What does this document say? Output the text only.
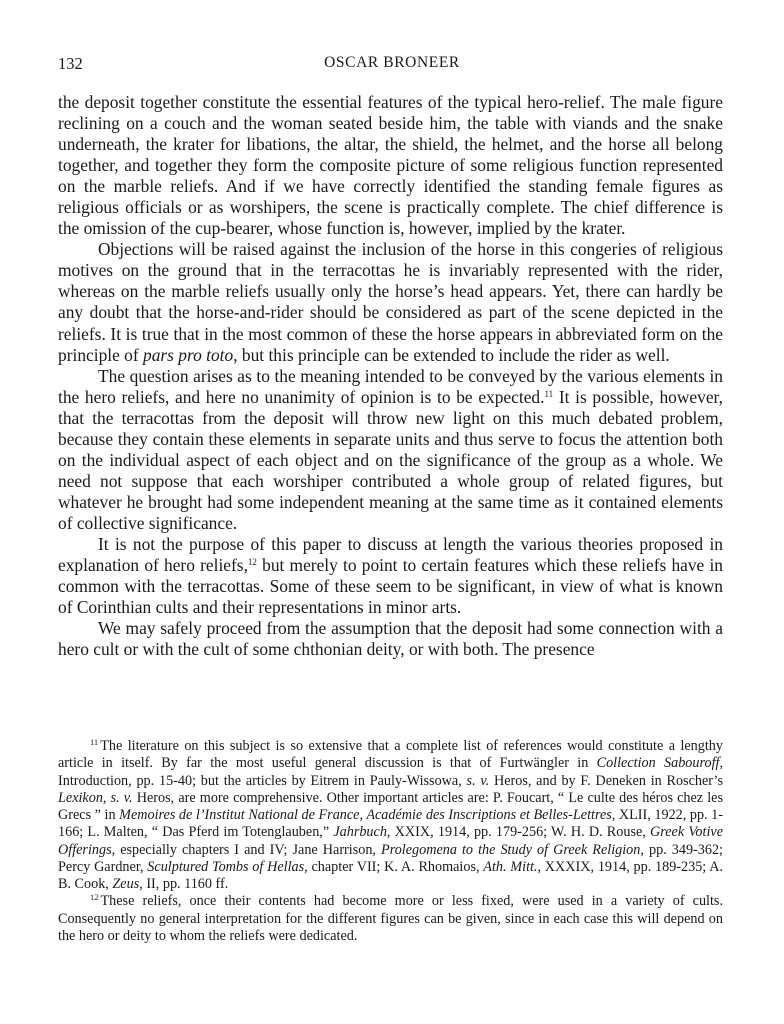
132	OSCAR BRONEER

the deposit together constitute the essential features of the typical hero-relief. The male figure reclining on a couch and the woman seated beside him, the table with viands and the snake underneath, the krater for libations, the altar, the shield, the helmet, and the horse all belong together, and together they form the composite picture of some religious function represented on the marble reliefs. And if we have correctly identified the standing female figures as religious officials or as worshipers, the scene is practically complete. The chief difference is the omission of the cup-bearer, whose function is, however, implied by the krater.

Objections will be raised against the inclusion of the horse in this congeries of religious motives on the ground that in the terracottas he is invariably represented with the rider, whereas on the marble reliefs usually only the horse’s head appears. Yet, there can hardly be any doubt that the horse-and-rider should be considered as part of the scene depicted in the reliefs. It is true that in the most common of these the horse appears in abbreviated form on the principle of pars pro toto, but this principle can be extended to include the rider as well.

The question arises as to the meaning intended to be conveyed by the various elements in the hero reliefs, and here no unanimity of opinion is to be expected.$^{11}$ It is possible, however, that the terracottas from the deposit will throw new light on this much debated problem, because they contain these elements in separate units and thus serve to focus the attention both on the individual aspect of each object and on the significance of the group as a whole. We need not suppose that each worshiper contributed a whole group of related figures, but whatever he brought had some independent meaning at the same time as it contained elements of collective significance.

It is not the purpose of this paper to discuss at length the various theories proposed in explanation of hero reliefs,$^{12}$ but merely to point to certain features which these reliefs have in common with the terracottas. Some of these seem to be significant, in view of what is known of Corinthian cults and their representations in minor arts.

We may safely proceed from the assumption that the deposit had some connection with a hero cult or with the cult of some chthonian deity, or with both. The presence

$^{11}$ The literature on this subject is so extensive that a complete list of references would constitute a lengthy article in itself. By far the most useful general discussion is that of Furtwängler in Collection Sabouroff, Introduction, pp. 15-40; but the articles by Eitrem in Pauly-Wissowa, s. v. Heros, and by F. Deneken in Roscher’s Lexikon, s. v. Heros, are more comprehensive. Other important articles are: P. Foucart, “ Le culte des héros chez les Grecs ” in Memoires de l’Institut National de France, Académie des Inscriptions et Belles-Lettres, XLII, 1922, pp. 1-166; L. Malten, “ Das Pferd im Totenglauben,” Jahrbuch, XXIX, 1914, pp. 179-256; W. H. D. Rouse, Greek Votive Offerings, especially chapters I and IV; Jane Harrison, Prolegomena to the Study of Greek Religion, pp. 349-362; Percy Gardner, Sculptured Tombs of Hellas, chapter VII; K. A. Rhomaios, Ath. Mitt., XXXIX, 1914, pp. 189-235; A. B. Cook, Zeus, II, pp. 1160 ff.

$^{12}$ These reliefs, once their contents had become more or less fixed, were used in a variety of cults. Consequently no general interpretation for the different figures can be given, since in each case this will depend on the hero or deity to whom the reliefs were dedicated.
